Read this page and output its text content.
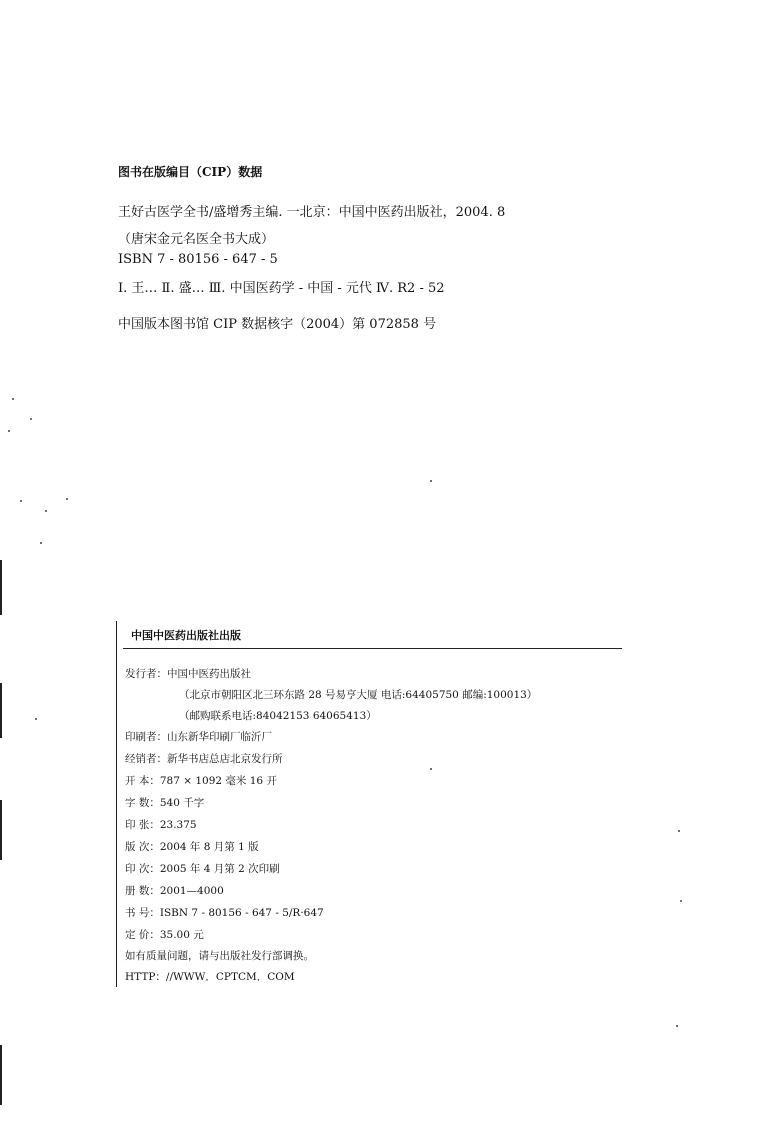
图书在版编目（CIP）数据
王好古医学全书/盛增秀主编. 一北京：中国中医药出版社，2004. 8
（唐宋金元名医全书大成）
ISBN 7 - 80156 - 647 - 5
Ⅰ. 王… Ⅱ. 盛… Ⅲ. 中国医药学 - 中国 - 元代 Ⅳ. R2 - 52
中国版本图书馆 CIP 数据核字（2004）第 072858 号
中国中医药出版社出版
发行者：中国中医药出版社
（北京市朝阳区北三环东路 28 号易亨大厦 电话:64405750 邮编:100013）
（邮购联系电话:84042153 64065413）
印刷者：山东新华印刷厂临沂厂
经销者：新华书店总店北京发行所
开 本：787 × 1092 毫米 16 开
字 数：540 千字
印 张：23.375
版 次：2004 年 8 月第 1 版
印 次：2005 年 4 月第 2 次印刷
册 数：2001—4000
书 号：ISBN 7 - 80156 - 647 - 5/R·647
定 价：35.00 元
如有质量问题，请与出版社发行部调换。
HTTP：//WWW．CPTCM．COM
